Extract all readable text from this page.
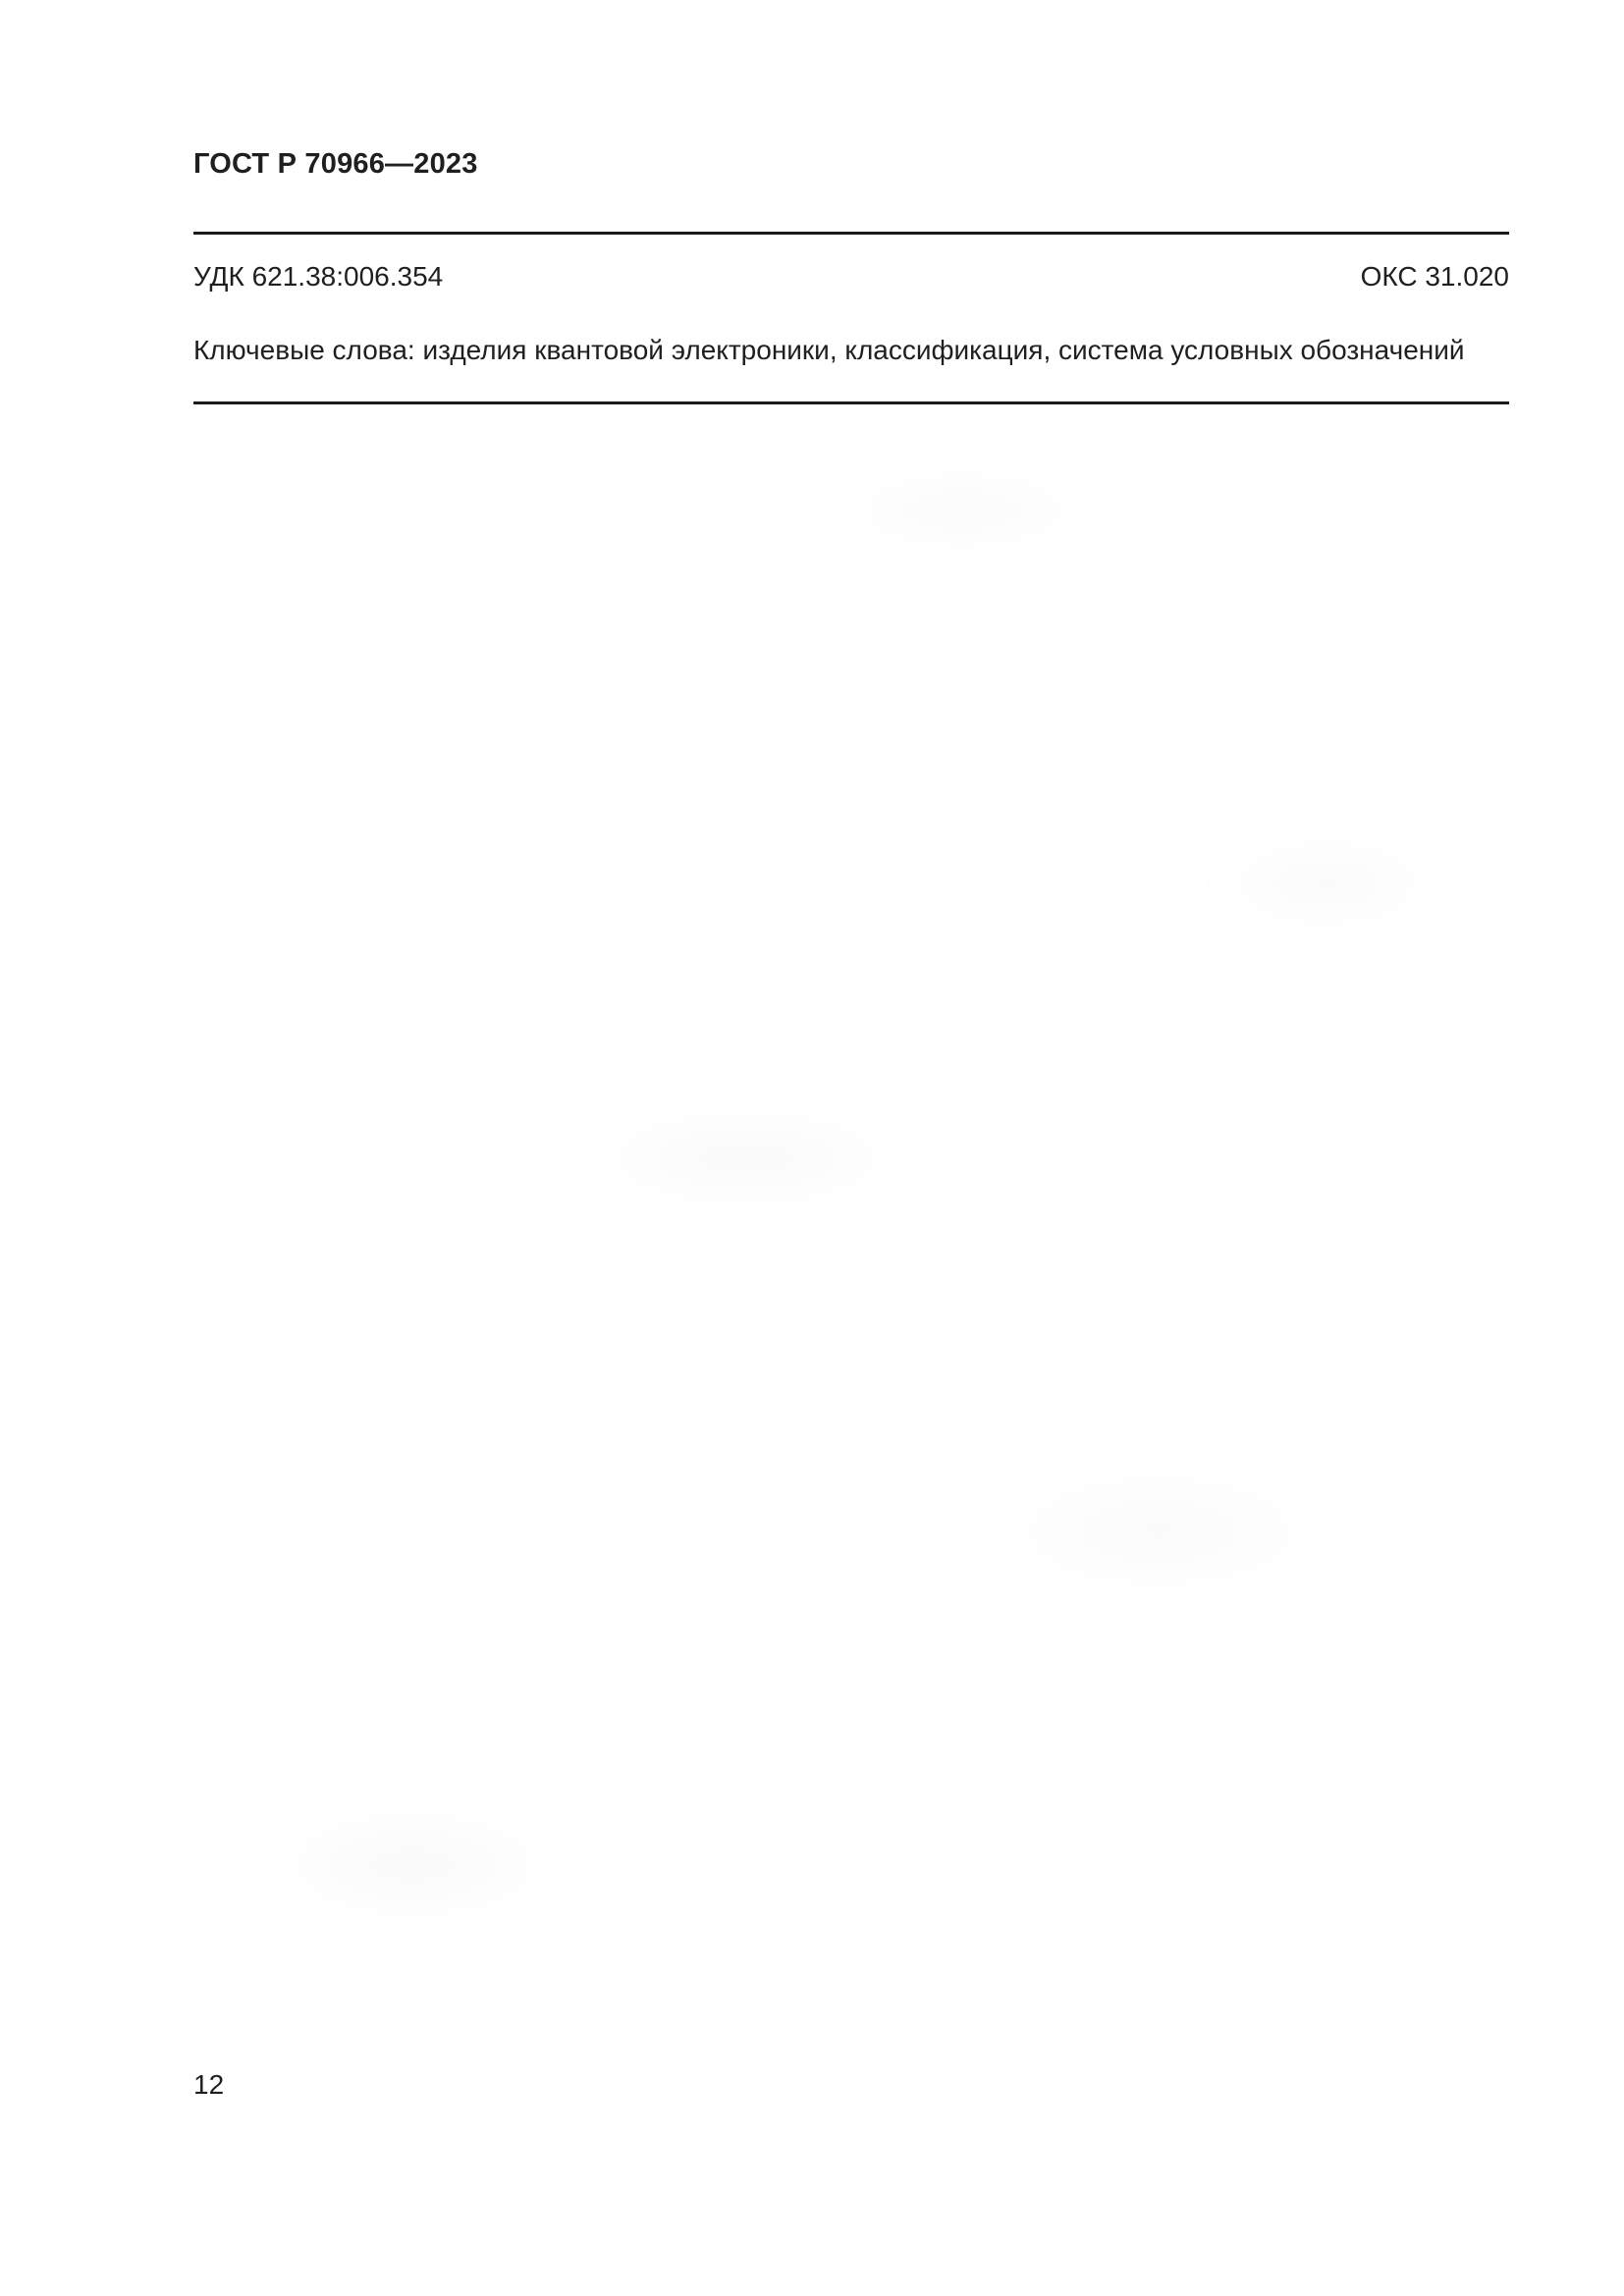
ГОСТ Р 70966—2023
УДК 621.38:006.354	ОКС 31.020
Ключевые слова: изделия квантовой электроники, классификация, система условных обозначений
12
